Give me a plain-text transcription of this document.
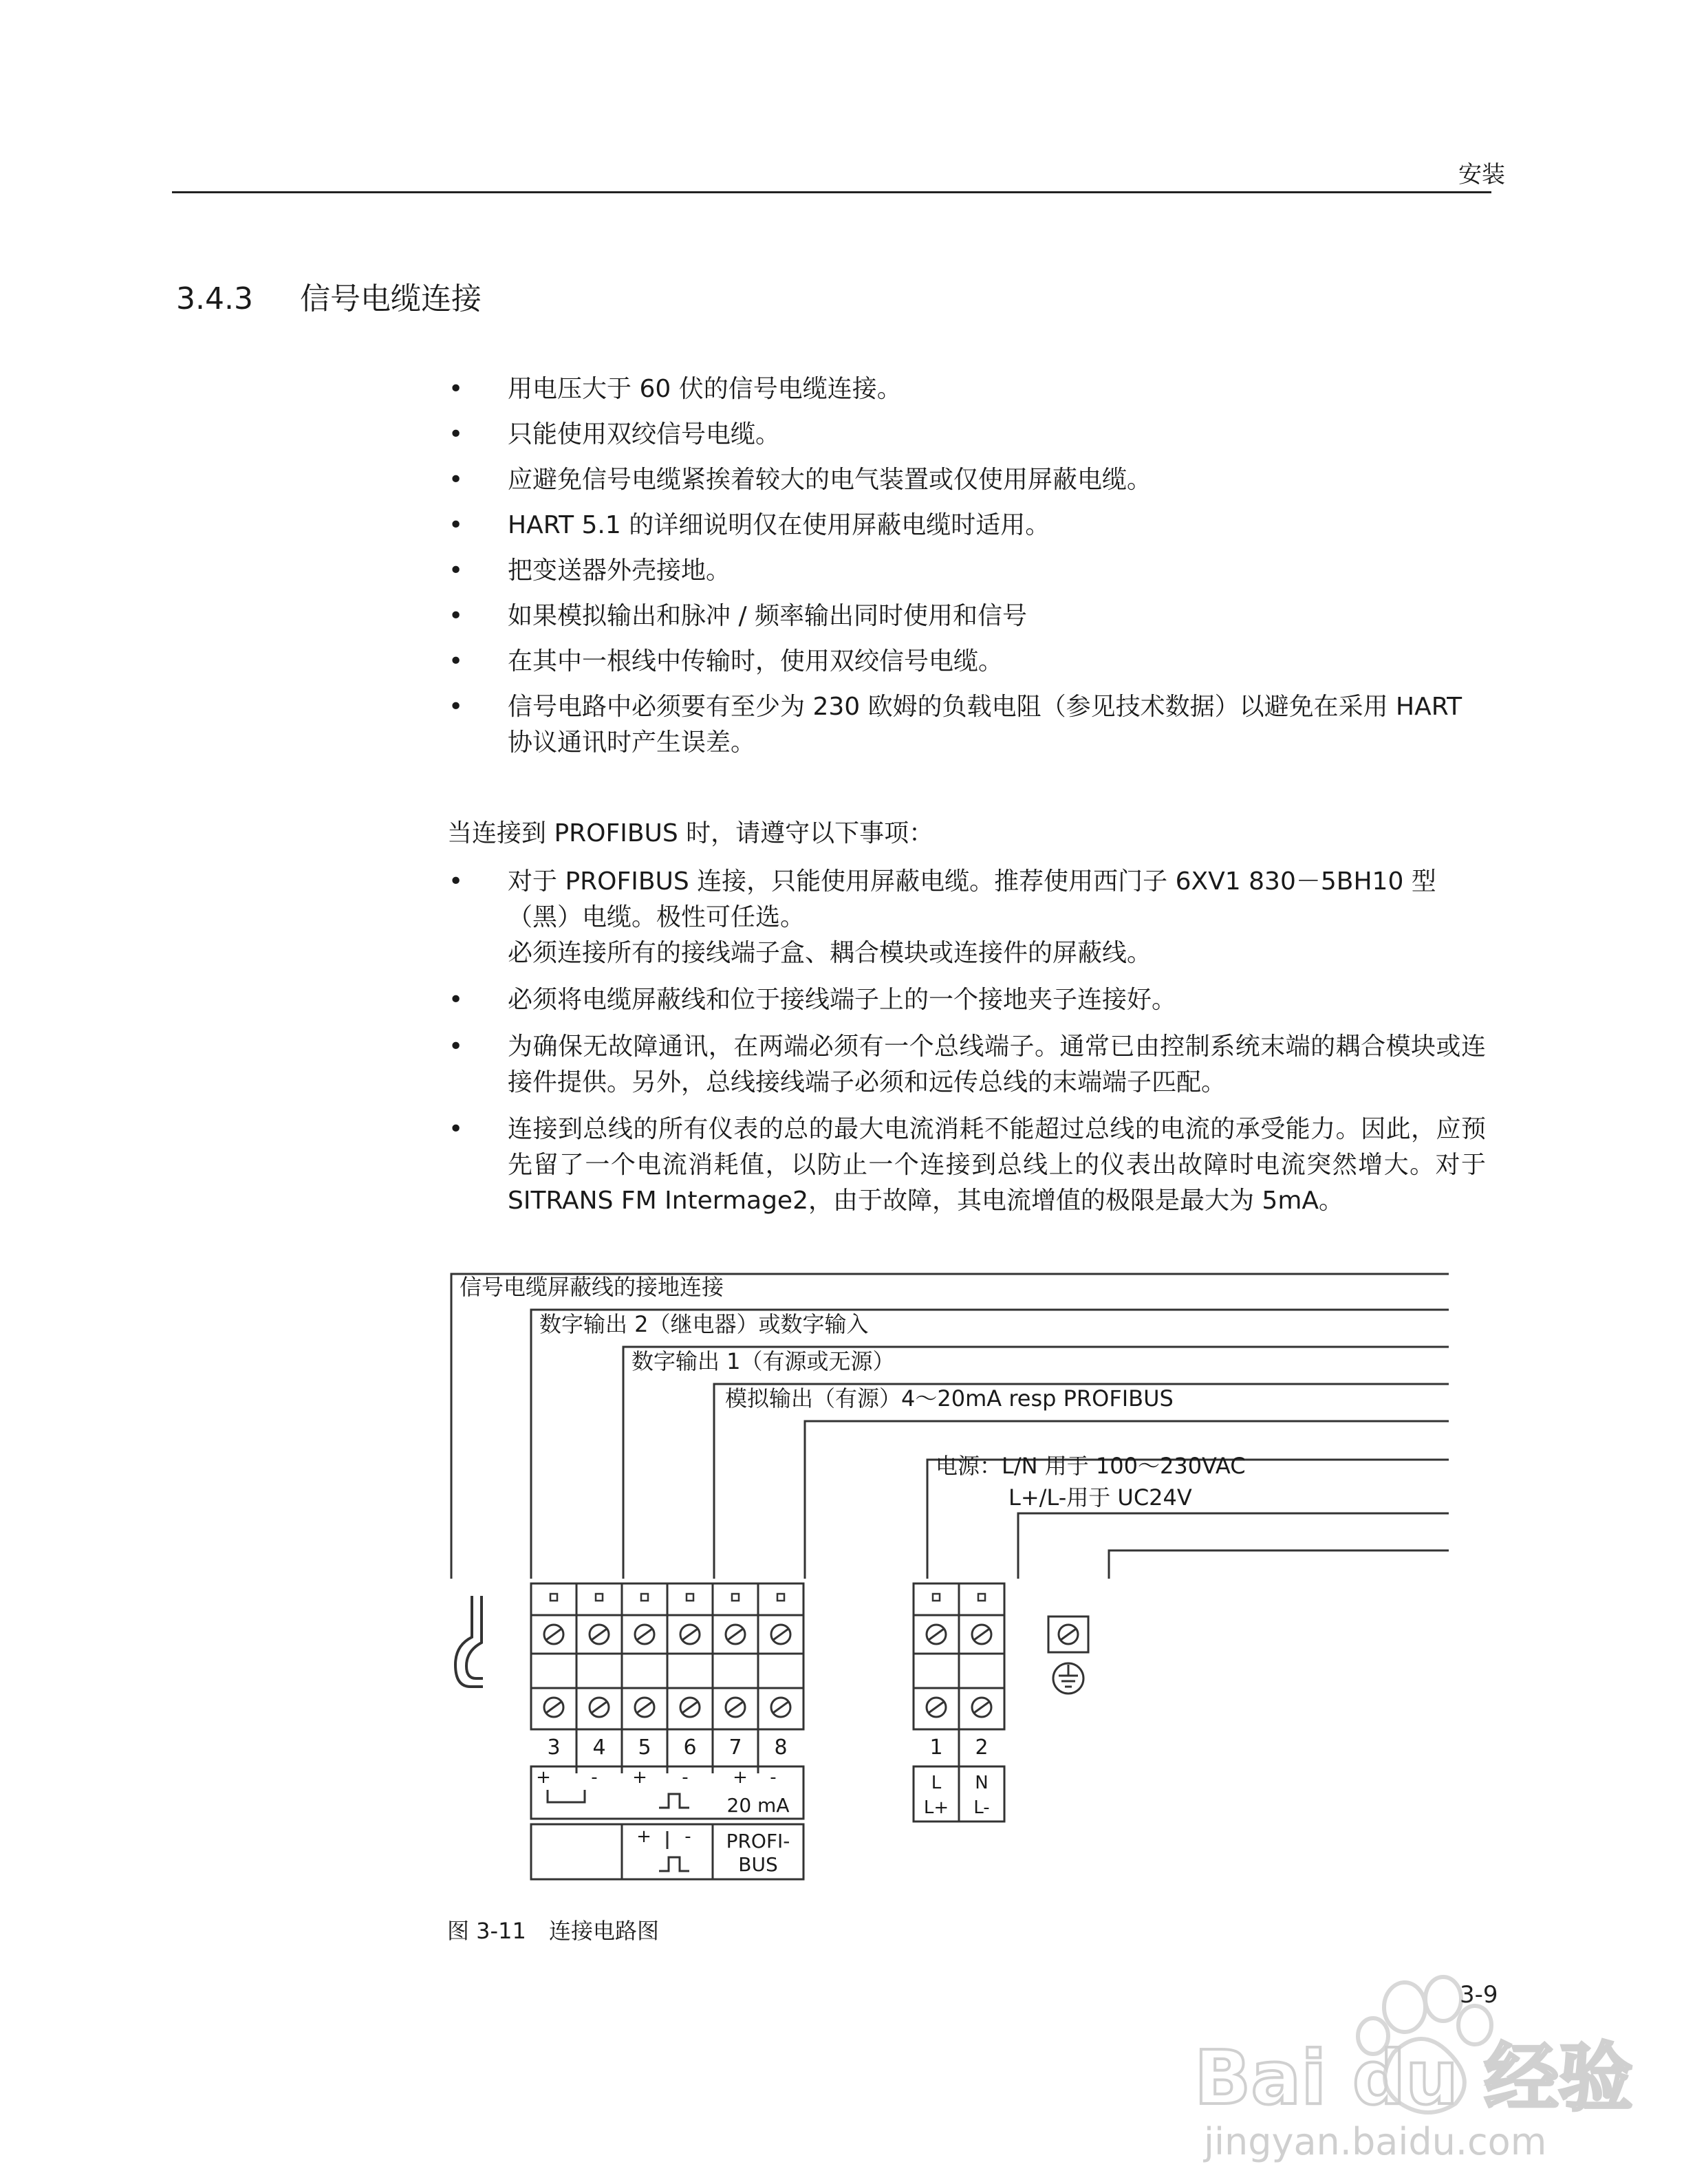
安装
3.4.3 信号电缆连接
• 用电压大于 60 伏的信号电缆连接。
• 只能使用双绞信号电缆。
• 应避免信号电缆紧挨着较大的电气装置或仅使用屏蔽电缆。
• HART 5.1 的详细说明仅在使用屏蔽电缆时适用。
• 把变送器外壳接地。
• 如果模拟输出和脉冲 / 频率输出同时使用和信号
• 在其中一根线中传输时，使用双绞信号电缆。
• 信号电路中必须要有至少为 230 欧姆的负载电阻（参见技术数据）以避免在采用 HART 协议通讯时产生误差。

当连接到 PROFIBUS 时，请遵守以下事项：

• 对于 PROFIBUS 连接，只能使用屏蔽电缆。推荐使用西门子 6XV1 830－5BH10 型（黑）电缆。极性可任选。
必须连接所有的接线端子盒、耦合模块或连接件的屏蔽线。
• 必须将电缆屏蔽线和位于接线端子上的一个接地夹子连接好。
• 为确保无故障通讯，在两端必须有一个总线端子。通常已由控制系统末端的耦合模块或连接件提供。另外，总线接线端子必须和远传总线的末端端子匹配。
• 连接到总线的所有仪表的总的最大电流消耗不能超过总线的电流的承受能力。因此，应预先留了一个电流消耗值，以防止一个连接到总线上的仪表出故障时电流突然增大。对于 SITRANS FM Intermage2，由于故障，其电流增值的极限是最大为 5mA。
信号电缆屏蔽线的接地连接
数字输出 2（继电器）或数字输入
数字输出 1（有源或无源）
模拟输出（有源）4～20mA resp PROFIBUS
电源：L/N 用于 100～230VAC
L+/L-用于 UC24V
3 4 5 6 7 8	1 2
+ - + - + -
+ -
20 mA
PROFI-
BUS
L N
L+ L-
图 3-11 连接电路图
Bai du 经验
jingyan.baidu.com
3-9
